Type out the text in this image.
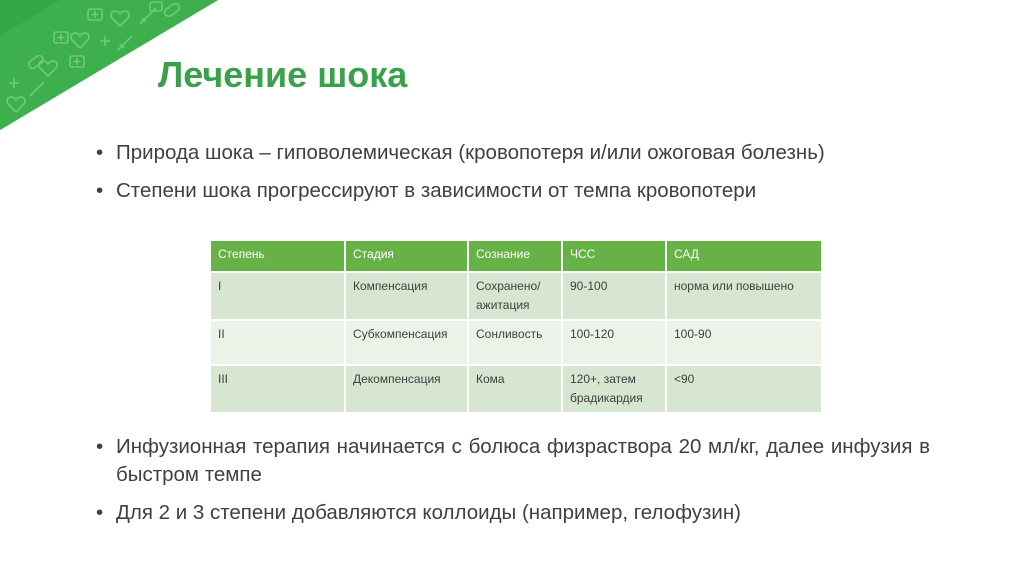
Лечение шока
• Природа шока – гиповолемическая (кровопотеря и/или ожоговая болезнь)
• Степени шока прогрессируют в зависимости от темпа кровопотери
Степень	Стадия	Сознание	ЧСС	САД
I	Компенсация	Сохранено/ ажитация	90-100	норма или повышено
II	Субкомпенсация	Сонливость	100-120	100-90
III	Декомпенсация	Кома	120+, затем брадикардия	<90
• Инфузионная терапия начинается с болюса физраствора 20 мл/кг, далее инфузия в быстром темпе
• Для 2 и 3 степени добавляются коллоиды (например, гелофузин)
